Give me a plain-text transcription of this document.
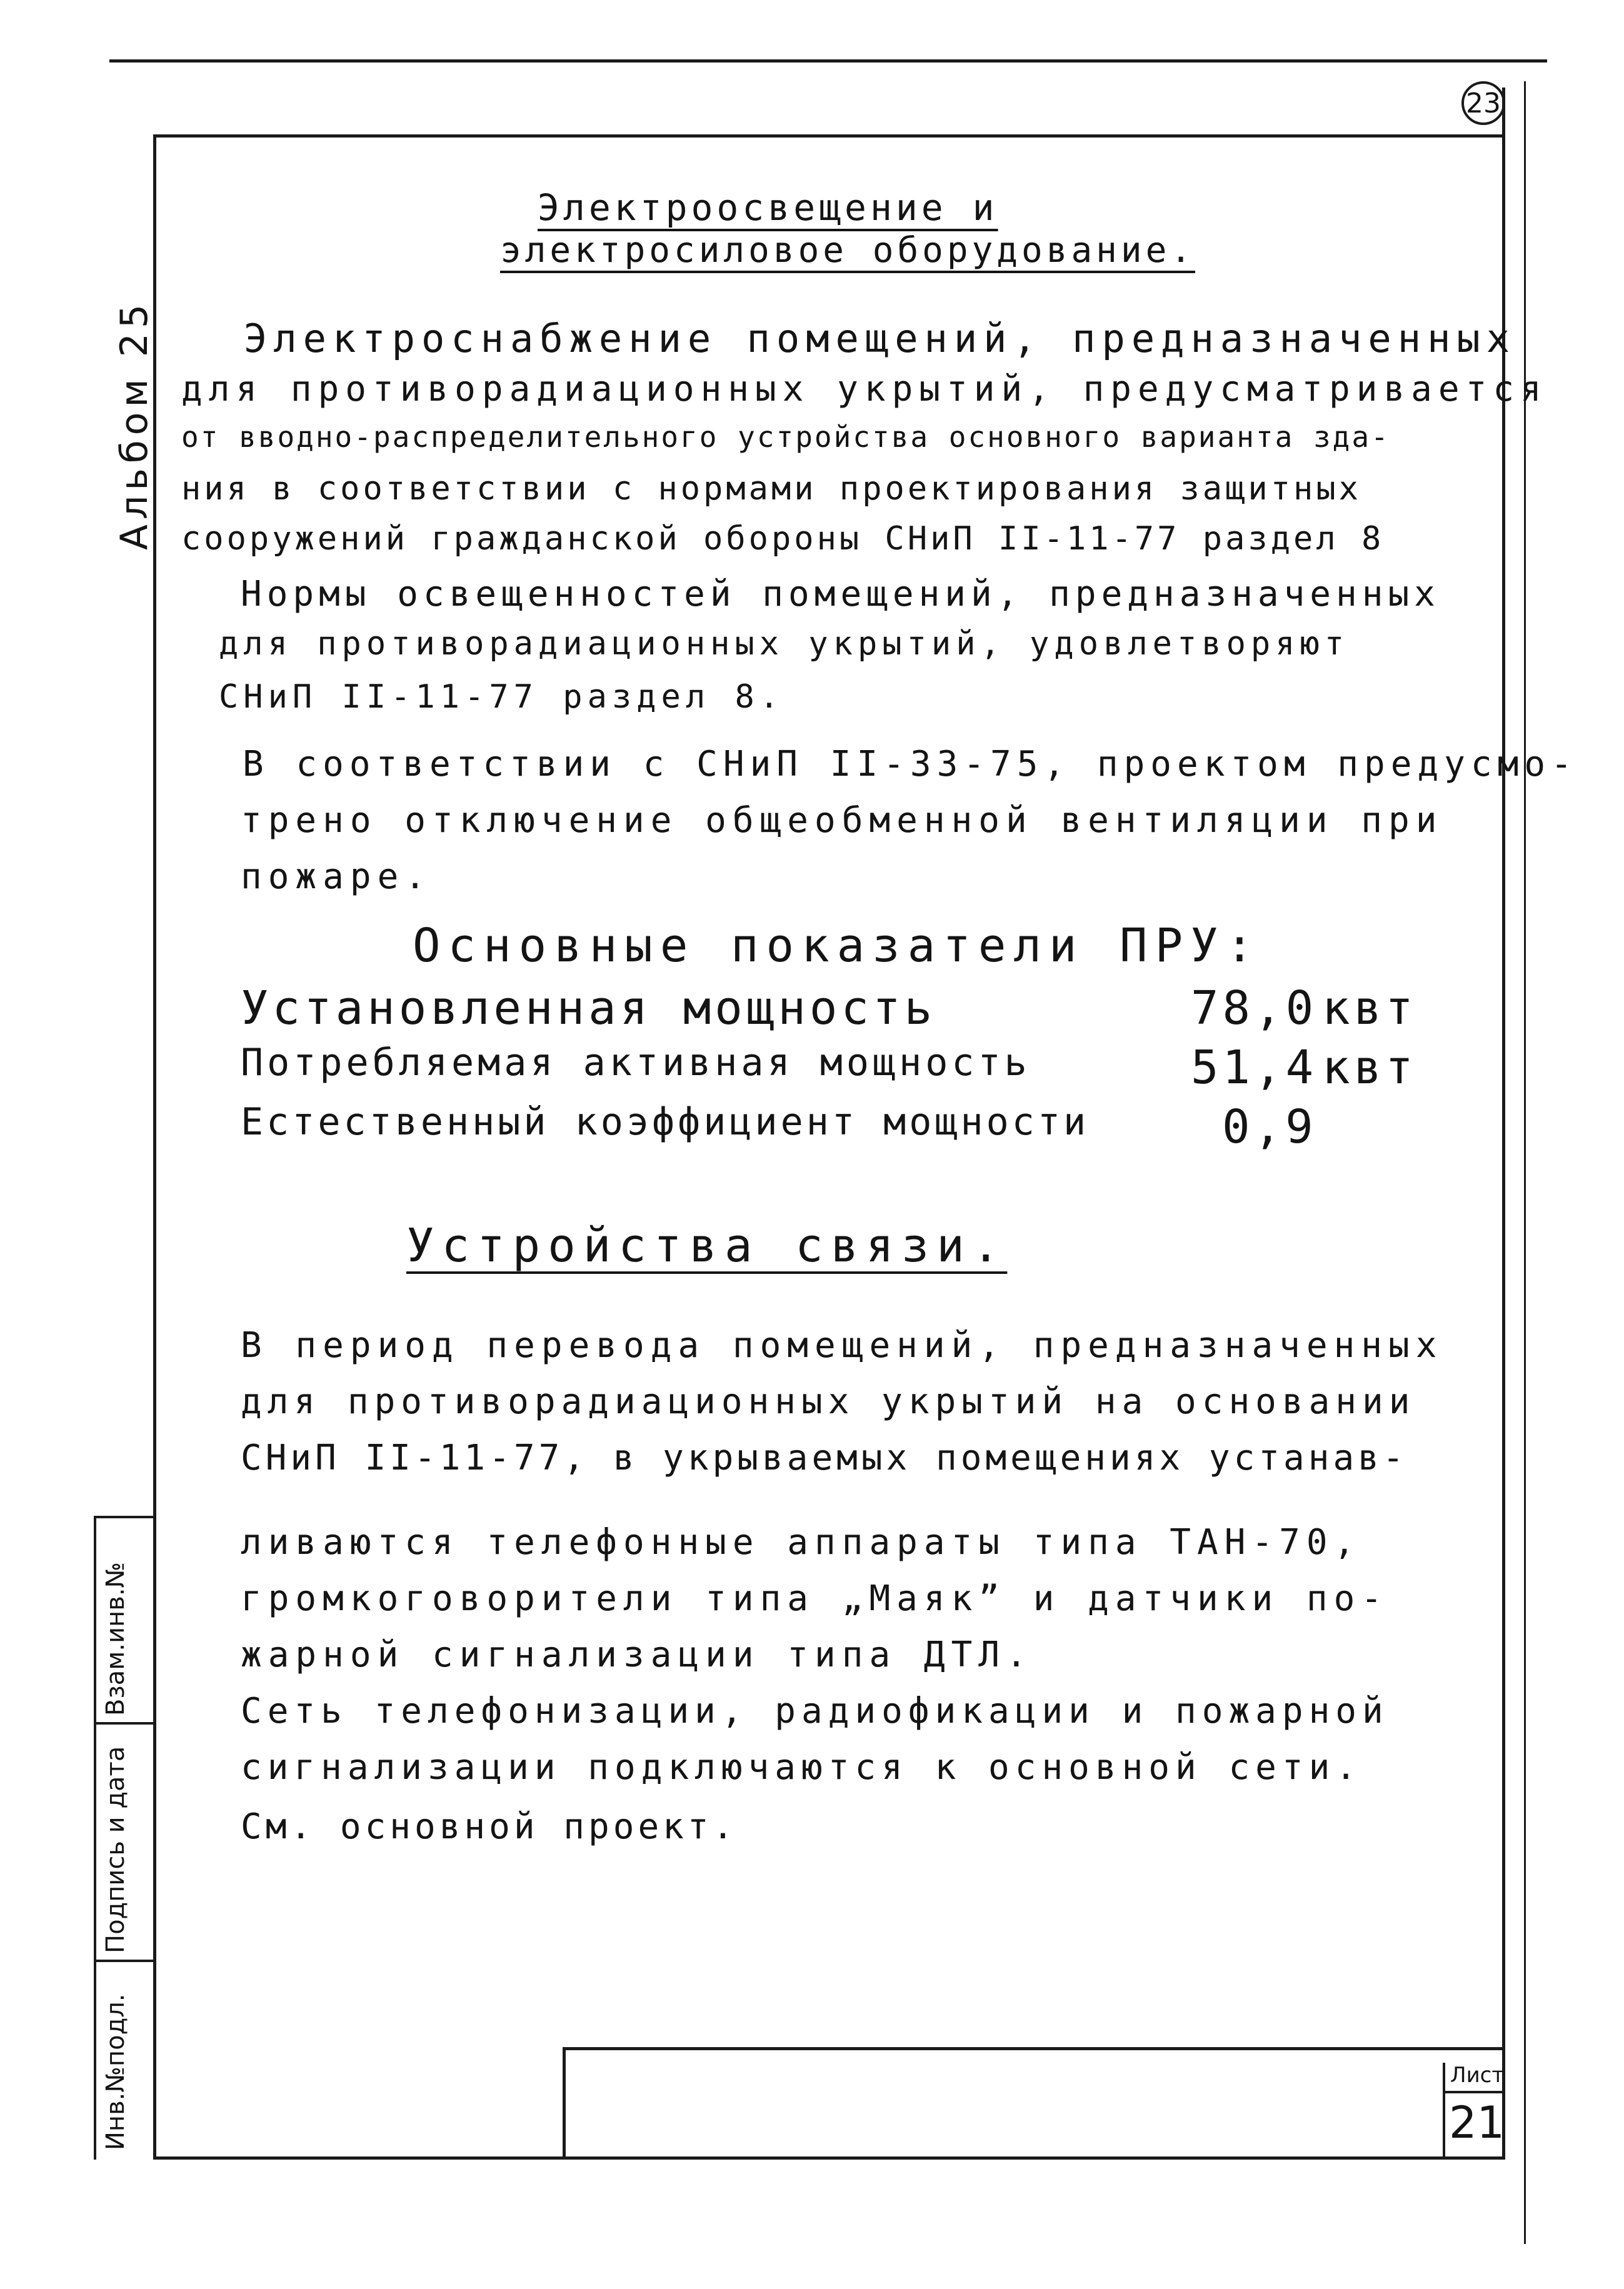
23
Альбом 25
Электроосвещение и
электросиловое оборудование.
Электроснабжение помещений, предназначенных
для противорадиационных укрытий, предусматривается
от вводно-распределительного устройства основного варианта зда-
ния в соответствии с нормами проектирования защитных
сооружений гражданской обороны СНиП II-11-77 раздел 8
Нормы освещенностей помещений, предназначенных
для противорадиационных укрытий, удовлетворяют
СНиП II-11-77 раздел 8.
В соответствии с СНиП II-33-75, проектом предусмо-
трено отключение общеобменной вентиляции при
пожаре.
Основные показатели ПРУ:
Установленная мощность	78,0 квт
Потребляемая активная мощность	51,4 квт
Естественный коэффициент мощности	0,9
Устройства связи.
В период перевода помещений, предназначенных
для противорадиационных укрытий на основании
СНиП II-11-77, в укрываемых помещениях устанав-
ливаются телефонные аппараты типа ТАН-70,
громкоговорители типа „Маяк” и датчики по-
жарной сигнализации типа ДТЛ.
Сеть телефонизации, радиофикации и пожарной
сигнализации подключаются к основной сети.
См. основной проект.
Инв.№подл.
Подпись и дата
Взам.инв.№
Лист
21
